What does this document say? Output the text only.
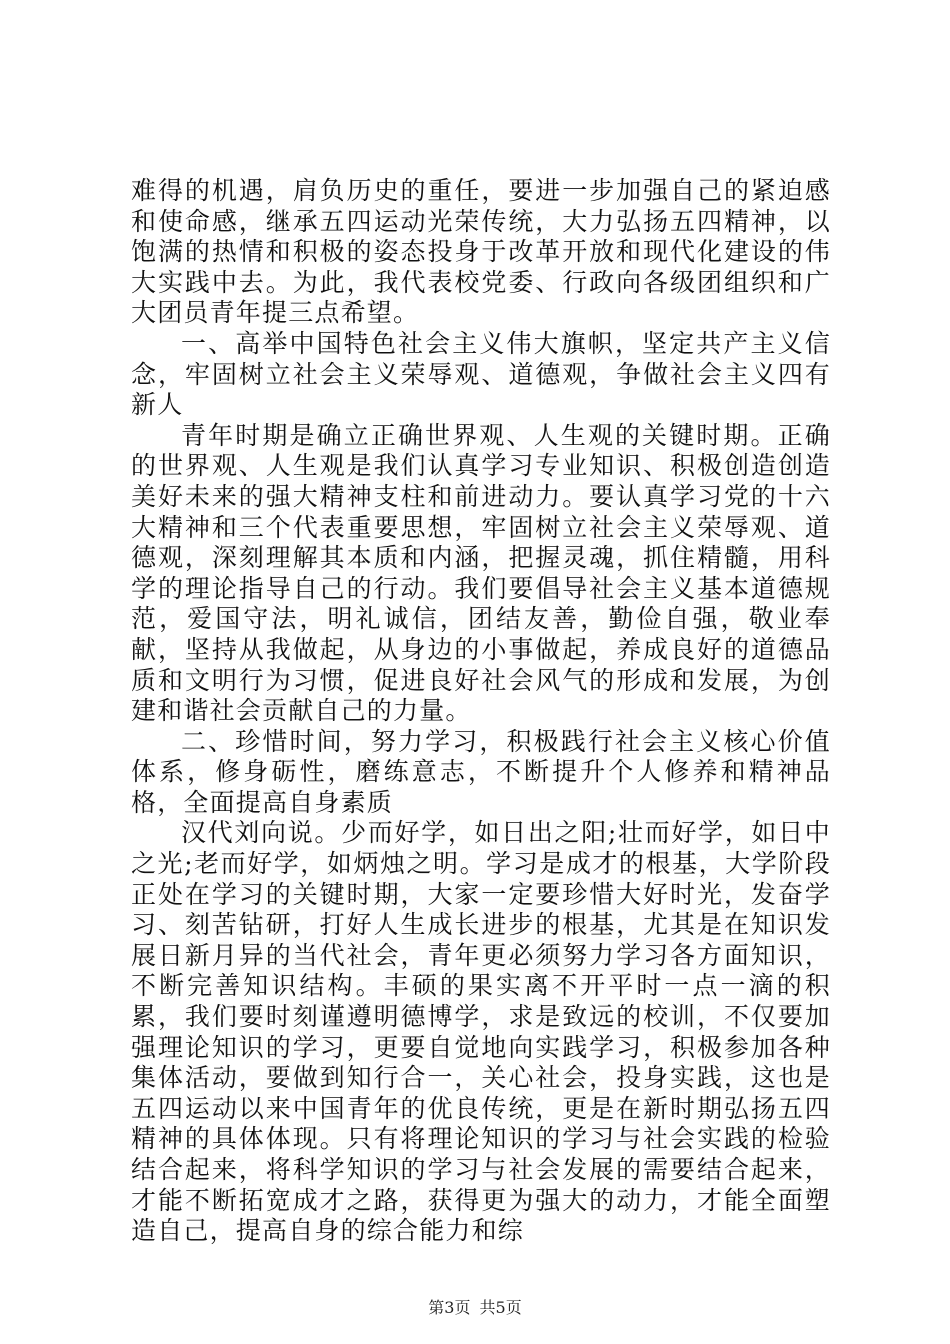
难得的机遇，肩负历史的重任，要进一步加强自己的紧迫感和使命感，继承五四运动光荣传统，大力弘扬五四精神，以饱满的热情和积极的姿态投身于改革开放和现代化建设的伟大实践中去。为此，我代表校党委、行政向各级团组织和广大团员青年提三点希望。

一、高举中国特色社会主义伟大旗帜，坚定共产主义信念，牢固树立社会主义荣辱观、道德观，争做社会主义四有新人

青年时期是确立正确世界观、人生观的关键时期。正确的世界观、人生观是我们认真学习专业知识、积极创造创造美好未来的强大精神支柱和前进动力。要认真学习党的十六大精神和三个代表重要思想，牢固树立社会主义荣辱观、道德观，深刻理解其本质和内涵，把握灵魂，抓住精髓，用科学的理论指导自己的行动。我们要倡导社会主义基本道德规范，爱国守法，明礼诚信，团结友善，勤俭自强，敬业奉献，坚持从我做起，从身边的小事做起，养成良好的道德品质和文明行为习惯，促进良好社会风气的形成和发展，为创建和谐社会贡献自己的力量。

二、珍惜时间，努力学习，积极践行社会主义核心价值体系，修身砺性，磨练意志，不断提升个人修养和精神品格，全面提高自身素质

汉代刘向说。少而好学，如日出之阳;壮而好学，如日中之光;老而好学，如炳烛之明。学习是成才的根基，大学阶段正处在学习的关键时期，大家一定要珍惜大好时光，发奋学习、刻苦钻研，打好人生成长进步的根基，尤其是在知识发展日新月异的当代社会，青年更必须努力学习各方面知识，不断完善知识结构。丰硕的果实离不开平时一点一滴的积累，我们要时刻谨遵明德博学，求是致远的校训，不仅要加强理论知识的学习，更要自觉地向实践学习，积极参加各种集体活动，要做到知行合一，关心社会，投身实践，这也是五四运动以来中国青年的优良传统，更是在新时期弘扬五四精神的具体体现。只有将理论知识的学习与社会实践的检验结合起来，将科学知识的学习与社会发展的需要结合起来，才能不断拓宽成才之路，获得更为强大的动力，才能全面塑造自己，提高自身的综合能力和综

第3页 共5页
